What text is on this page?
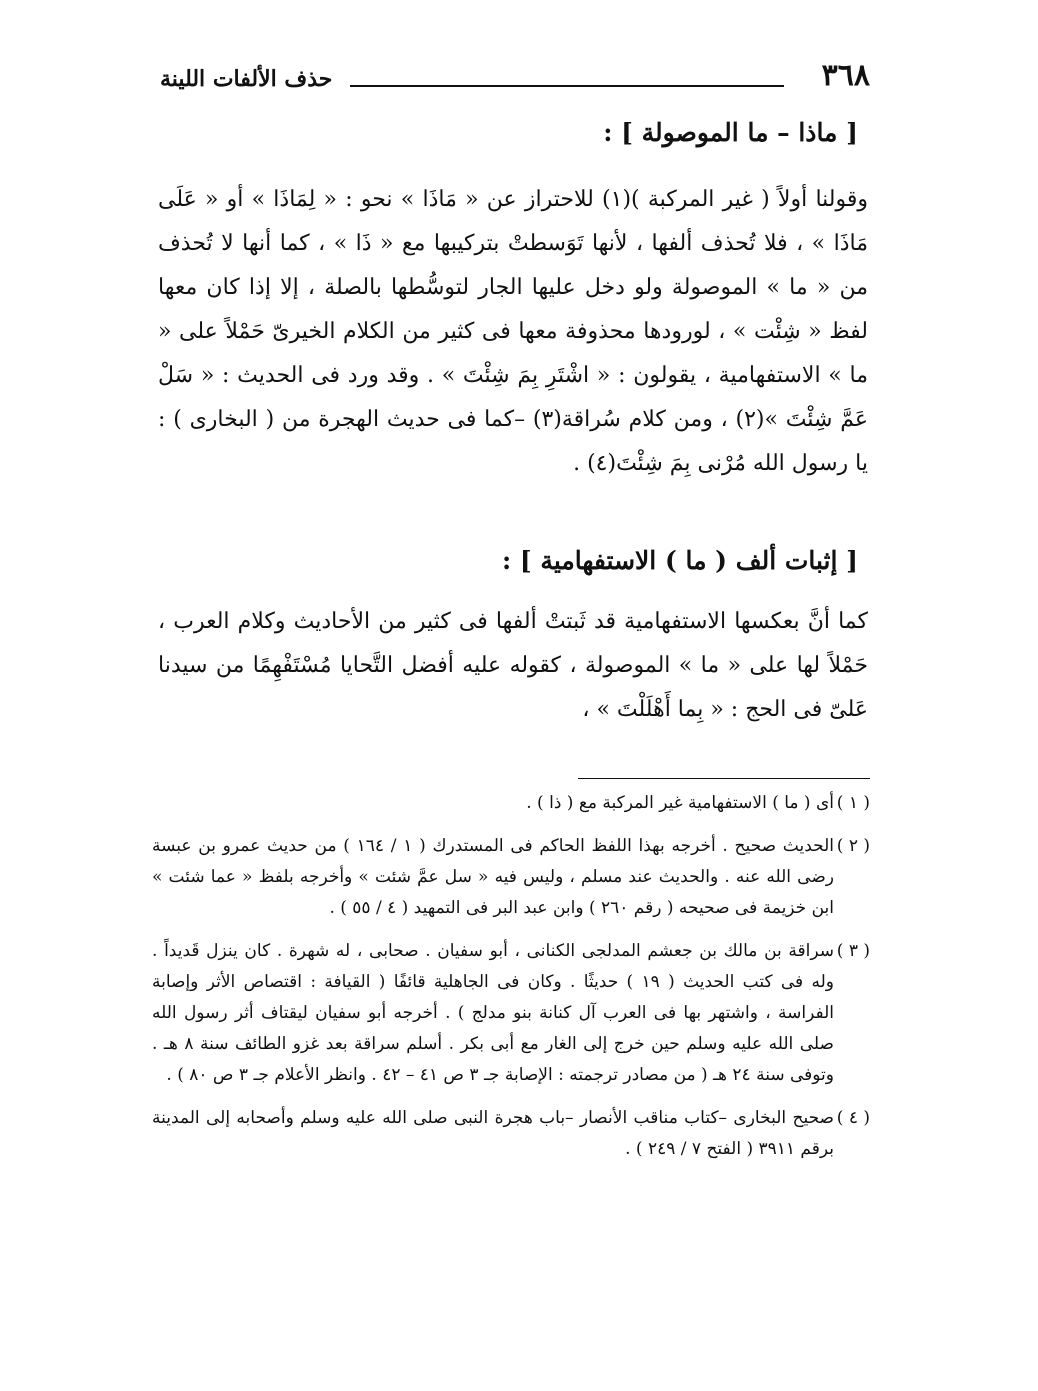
٣٦٨
حذف الألفات اللينة
[ ماذا – ما الموصولة ] :

وقولنا أولاً ( غير المركبة )(١) للاحتراز عن « مَاذَا » نحو : « لِمَاذَا » أو « عَلَى مَاذَا » ، فلا تُحذف ألفها ، لأنها تَوَسطتْ بتركيبها مع « ذَا » ، كما أنها لا تُحذف من « ما » الموصولة ولو دخل عليها الجار لتوسُّطها بالصلة ، إلا إذا كان معها لفظ « شِئْت » ، لورودها محذوفة معها فى كثير من الكلام الخيرىّ حَمْلاً على « ما » الاستفهامية ، يقولون : « اشْتَرِ بِمَ شِئْتَ » . وقد ورد فى الحديث : « سَلْ عَمَّ شِئْتَ »(٢) ، ومن كلام سُراقة(٣) –كما فى حديث الهجرة من ( البخارى ) : يا رسول الله مُرْنى بِمَ شِئْتَ(٤) .

[ إثبات ألف ( ما ) الاستفهامية ] :

كما أنَّ بعكسها الاستفهامية قد ثَبتتْ ألفها فى كثير من الأحاديث وكلام العرب ، حَمْلاً لها على « ما » الموصولة ، كقوله عليه أفضل التَّحايا مُسْتَفْهِمًا من سيدنا عَلىّ فى الحج : « بِما أَهْلَلْتَ » ،

( ١ )
أى ( ما ) الاستفهامية غير المركبة مع ( ذا ) .

( ٢ )
الحديث صحيح . أخرجه بهذا اللفظ الحاكم فى المستدرك ( ١ / ١٦٤ ) من حديث عمرو بن عبسة رضى الله عنه . والحديث عند مسلم ، وليس فيه « سل عمَّ شئت » وأخرجه بلفظ « عما شئت » ابن خزيمة فى صحيحه ( رقم ٢٦٠ ) وابن عبد البر فى التمهيد ( ٤ / ٥٥ ) .

( ٣ )
سراقة بن مالك بن جعشم المدلجى الكنانى ، أبو سفيان . صحابى ، له شهرة . كان ينزل قَديداً . وله فى كتب الحديث ( ١٩ ) حديثًا . وكان فى الجاهلية قائفًا ( القيافة : اقتصاص الأثر وإصابة الفراسة ، واشتهر بها فى العرب آل كنانة بنو مدلج ) . أخرجه أبو سفيان ليقتاف أثر رسول الله صلى الله عليه وسلم حين خرج إلى الغار مع أبى بكر . أسلم سراقة بعد غزو الطائف سنة ٨ هـ . وتوفى سنة ٢٤ هـ ( من مصادر ترجمته : الإصابة جـ ٣ ص ٤١ – ٤٢ . وانظر الأعلام جـ ٣ ص ٨٠ ) .

( ٤ )
صحيح البخارى –كتاب مناقب الأنصار –باب هجرة النبى صلى الله عليه وسلم وأصحابه إلى المدينة برقم ٣٩١١ ( الفتح ٧ / ٢٤٩ ) .
